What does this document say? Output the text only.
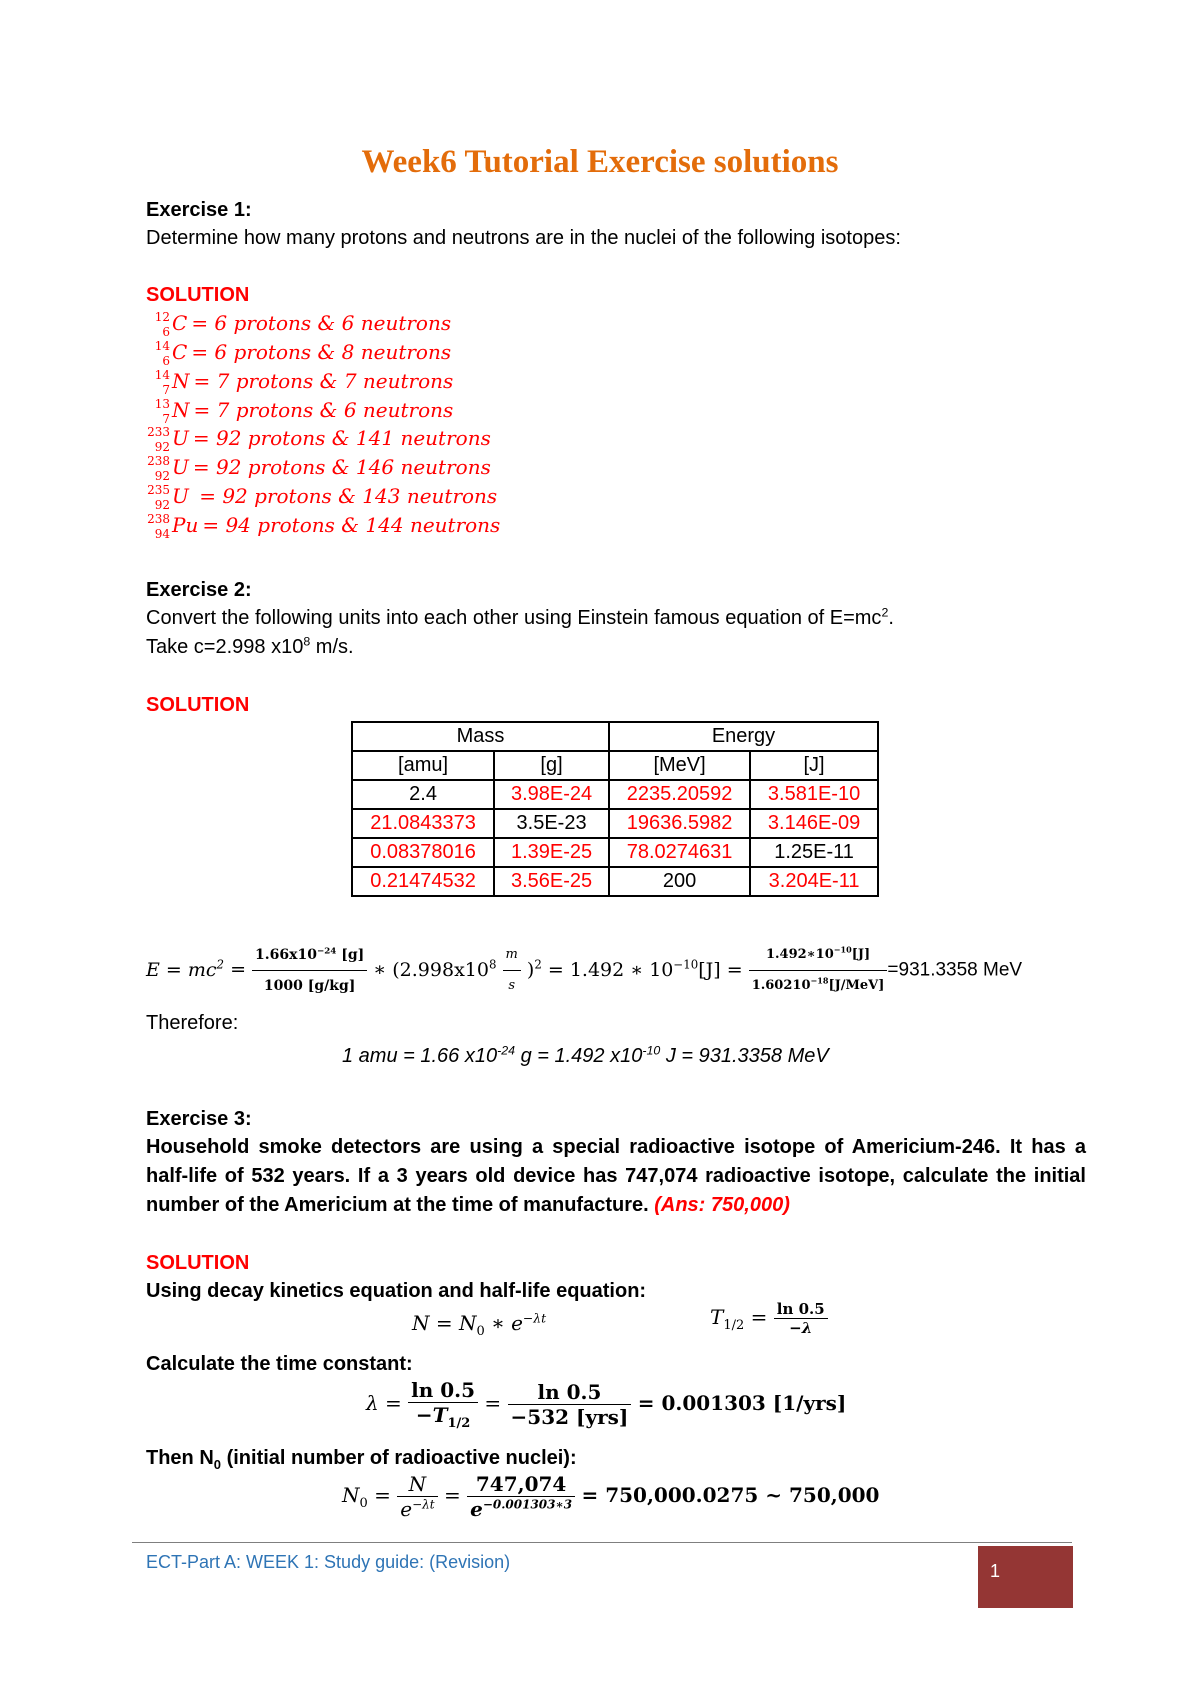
Week6 Tutorial Exercise solutions
Exercise 1:
Determine how many protons and neutrons are in the nuclei of the following isotopes:
SOLUTION
12
6 C = 6 protons & 6 neutrons
14
6 C = 6 protons & 8 neutrons
14
7 N = 7 protons & 7 neutrons
13
7 N = 7 protons & 6 neutrons
233
92 U = 92 protons & 141 neutrons
238
92 U = 92 protons & 146 neutrons
235
92 U = 92 protons & 143 neutrons
238
94 Pu = 94 protons & 144 neutrons
Exercise 2:
Convert the following units into each other using Einstein famous equation of $E=mc^2$.
Take c=2.998 $x10^8$ m/s.
SOLUTION
Mass		Energy	
[amu]	[g]	[MeV]	[J]
2.4	3.98E-24	2235.20592	3.581E-10
21.0843373	3.5E-23	19636.5982	3.146E-09
0.08378016	1.39E-25	78.0274631	1.25E-11
0.21474532	3.56E-25	200	3.204E-11
$E = mc^2 = \frac{1.66x10^{-24} [g]}{1000 [g/kg]}$ ∗ $(2.998x10^8 \frac{m}{s} )^2 = 1.492$ ∗ $10^{-10}[J] = \frac{1.492∗10^{-10}[J]}{1.60210^{-18}[J/MeV]} =931.3358$ MeV
Therefore:
1 amu = 1.66 $x10^{-24}$ g = 1.492 $x10^{-10}$ J = 931.3358 MeV
Exercise 3:
Household smoke detectors are using a special radioactive isotope of Americium-246. It has a half-life of 532 years. If a 3 years old device has 747,074 radioactive isotope, calculate the initial number of the Americium at the time of manufacture. (Ans: 750,000)
SOLUTION
Using decay kinetics equation and half-life equation:
$N = N_0$ ∗ $e^{-\lambda t}$	$T_{1/2} = \frac{\ln 0.5}{-\lambda}$
Calculate the time constant:
$\lambda = \frac{\ln 0.5}{-T_{1/2}} = \frac{\ln 0.5}{\text{−532 [yrs]}} = 0.001303$ [1/yrs]
Then $N_0$ (initial number of radioactive nuclei):
$N_0 = \frac{N}{e^{-\lambda t}} = \frac{747,074}{e^{-0.001303∗3}} = 750,000.0275$ ~ 750,000
ECT-Part A: WEEK 1: Study guide: (Revision)	1
